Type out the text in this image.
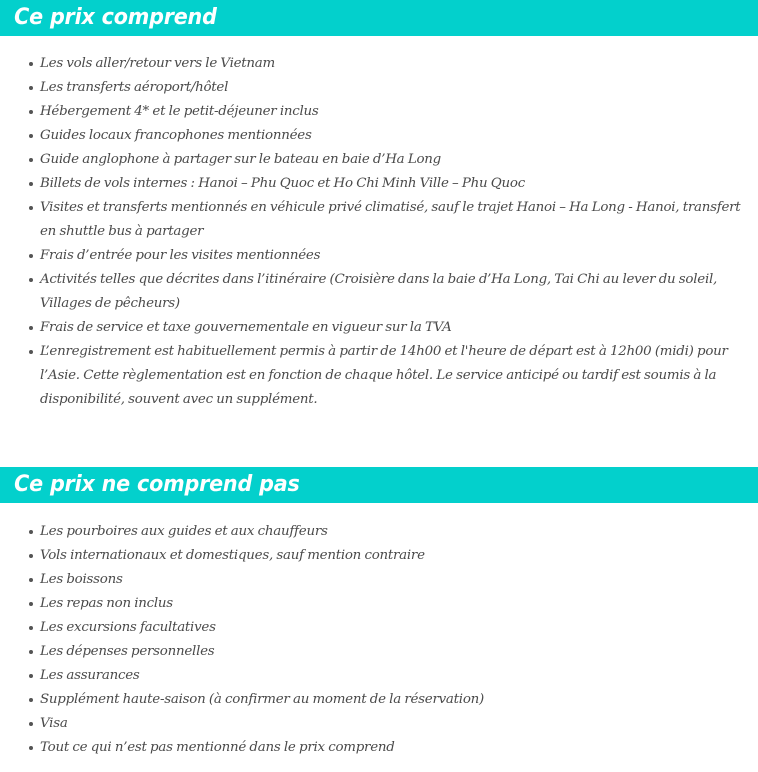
Ce prix comprend
Les vols aller/retour vers le Vietnam
Les transferts aéroport/hôtel
Hébergement 4* et le petit-déjeuner inclus
Guides locaux francophones mentionnées
Guide anglophone à partager sur le bateau en baie d’Ha Long
Billets de vols internes : Hanoi – Phu Quoc et Ho Chi Minh Ville – Phu Quoc
Visites et transferts mentionnés en véhicule privé climatisé, sauf le trajet Hanoi – Ha Long - Hanoi, transfert en shuttle bus à partager
Frais d’entrée pour les visites mentionnées
Activités telles que décrites dans l’itinéraire (Croisière dans la baie d’Ha Long, Tai Chi au lever du soleil, Villages de pêcheurs)
Frais de service et taxe gouvernementale en vigueur sur la TVA
L’enregistrement est habituellement permis à partir de 14h00 et l'heure de départ est à 12h00 (midi) pour l’Asie. Cette règlementation est en fonction de chaque hôtel. Le service anticipé ou tardif est soumis à la disponibilité, souvent avec un supplément.
Ce prix ne comprend pas
Les pourboires aux guides et aux chauffeurs
Vols internationaux et domestiques, sauf mention contraire
Les boissons
Les repas non inclus
Les excursions facultatives
Les dépenses personnelles
Les assurances
Supplément haute-saison (à confirmer au moment de la réservation)
Visa
Tout ce qui n’est pas mentionné dans le prix comprend
